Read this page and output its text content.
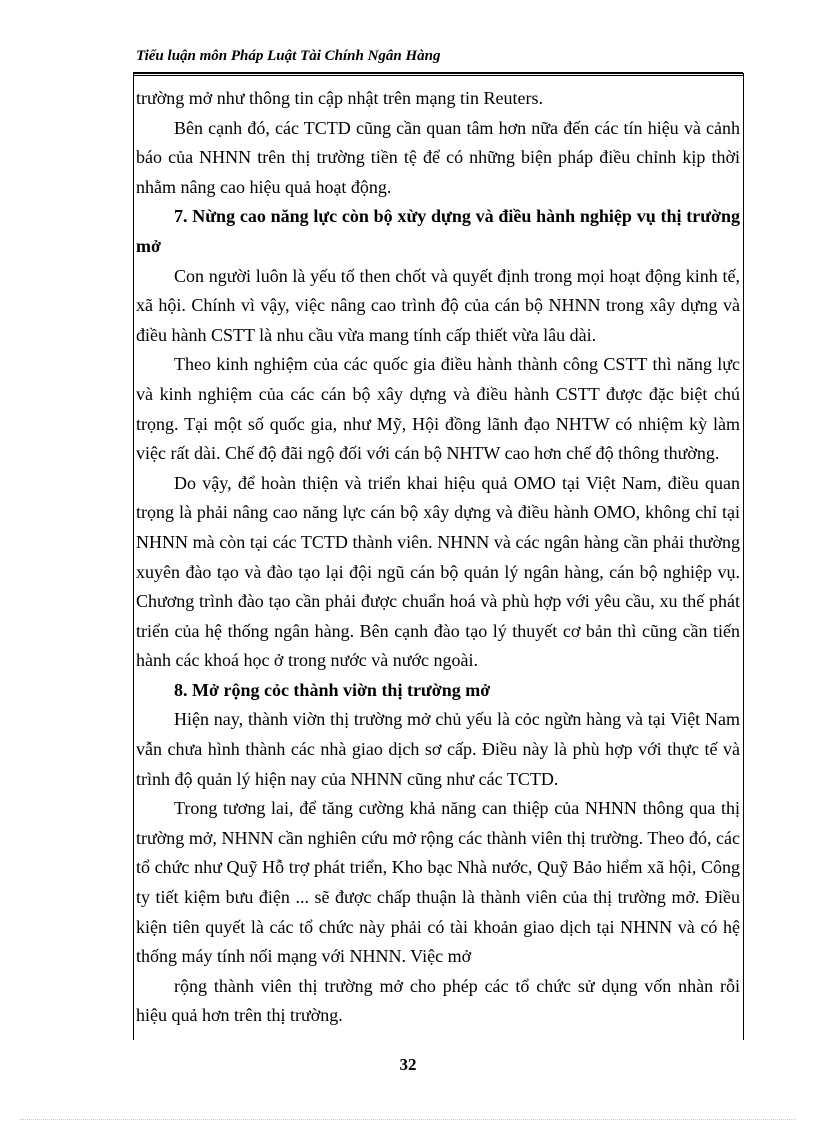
Tiểu luận môn Pháp Luật Tài Chính Ngân Hàng

trường mở như thông tin cập nhật trên mạng tin Reuters.

Bên cạnh đó, các TCTD cũng cần quan tâm hơn nữa đến các tín hiệu và cảnh báo của NHNN trên thị trường tiền tệ để có những biện pháp điều chỉnh kịp thời nhằm nâng cao hiệu quả hoạt động.

7. Nừng cao năng lực còn bộ xừy dựng và điều hành nghiệp vụ thị trường mở

Con người luôn là yếu tố then chốt và quyết định trong mọi hoạt động kinh tế, xã hội. Chính vì vậy, việc nâng cao trình độ của cán bộ NHNN trong xây dựng và điều hành CSTT là nhu cầu vừa mang tính cấp thiết vừa lâu dài.

Theo kinh nghiệm của các quốc gia điều hành thành công CSTT thì năng lực và kinh nghiệm của các cán bộ xây dựng và điều hành CSTT được đặc biệt chú trọng. Tại một số quốc gia, như Mỹ, Hội đồng lãnh đạo NHTW có nhiệm kỳ làm việc rất dài. Chế độ đãi ngộ đối với cán bộ NHTW cao hơn chế độ thông thường.

Do vậy, để hoàn thiện và triển khai hiệu quả OMO tại Việt Nam, điều quan trọng là phải nâng cao năng lực cán bộ xây dựng và điều hành OMO, không chỉ tại NHNN mà còn tại các TCTD thành viên. NHNN và các ngân hàng cần phải thường xuyên đào tạo và đào tạo lại đội ngũ cán bộ quản lý ngân hàng, cán bộ nghiệp vụ. Chương trình đào tạo cần phải được chuẩn hoá và phù hợp với yêu cầu, xu thế phát triển của hệ thống ngân hàng. Bên cạnh đào tạo lý thuyết cơ bản thì cũng cần tiến hành các khoá học ở trong nước và nước ngoài.

8. Mở rộng cỏc thành viờn thị trường mở

Hiện nay, thành viờn thị trường mở chủ yếu là cỏc ngừn hàng và tại Việt Nam vẫn chưa hình thành các nhà giao dịch sơ cấp. Điều này là phù hợp với thực tế và trình độ quản lý hiện nay của NHNN cũng như các TCTD.

Trong tương lai, để tăng cường khả năng can thiệp của NHNN thông qua thị trường mở, NHNN cần nghiên cứu mở rộng các thành viên thị trường. Theo đó, các tổ chức như Quỹ Hỗ trợ phát triển, Kho bạc Nhà nước, Quỹ Bảo hiểm xã hội, Công ty tiết kiệm bưu điện ... sẽ được chấp thuận là thành viên của thị trường mở. Điều kiện tiên quyết là các tổ chức này phải có tài khoản giao dịch tại NHNN và có hệ thống máy tính nối mạng với NHNN. Việc mở

rộng thành viên thị trường mở cho phép các tổ chức sử dụng vốn nhàn rỗi hiệu quả hơn trên thị trường.

32
